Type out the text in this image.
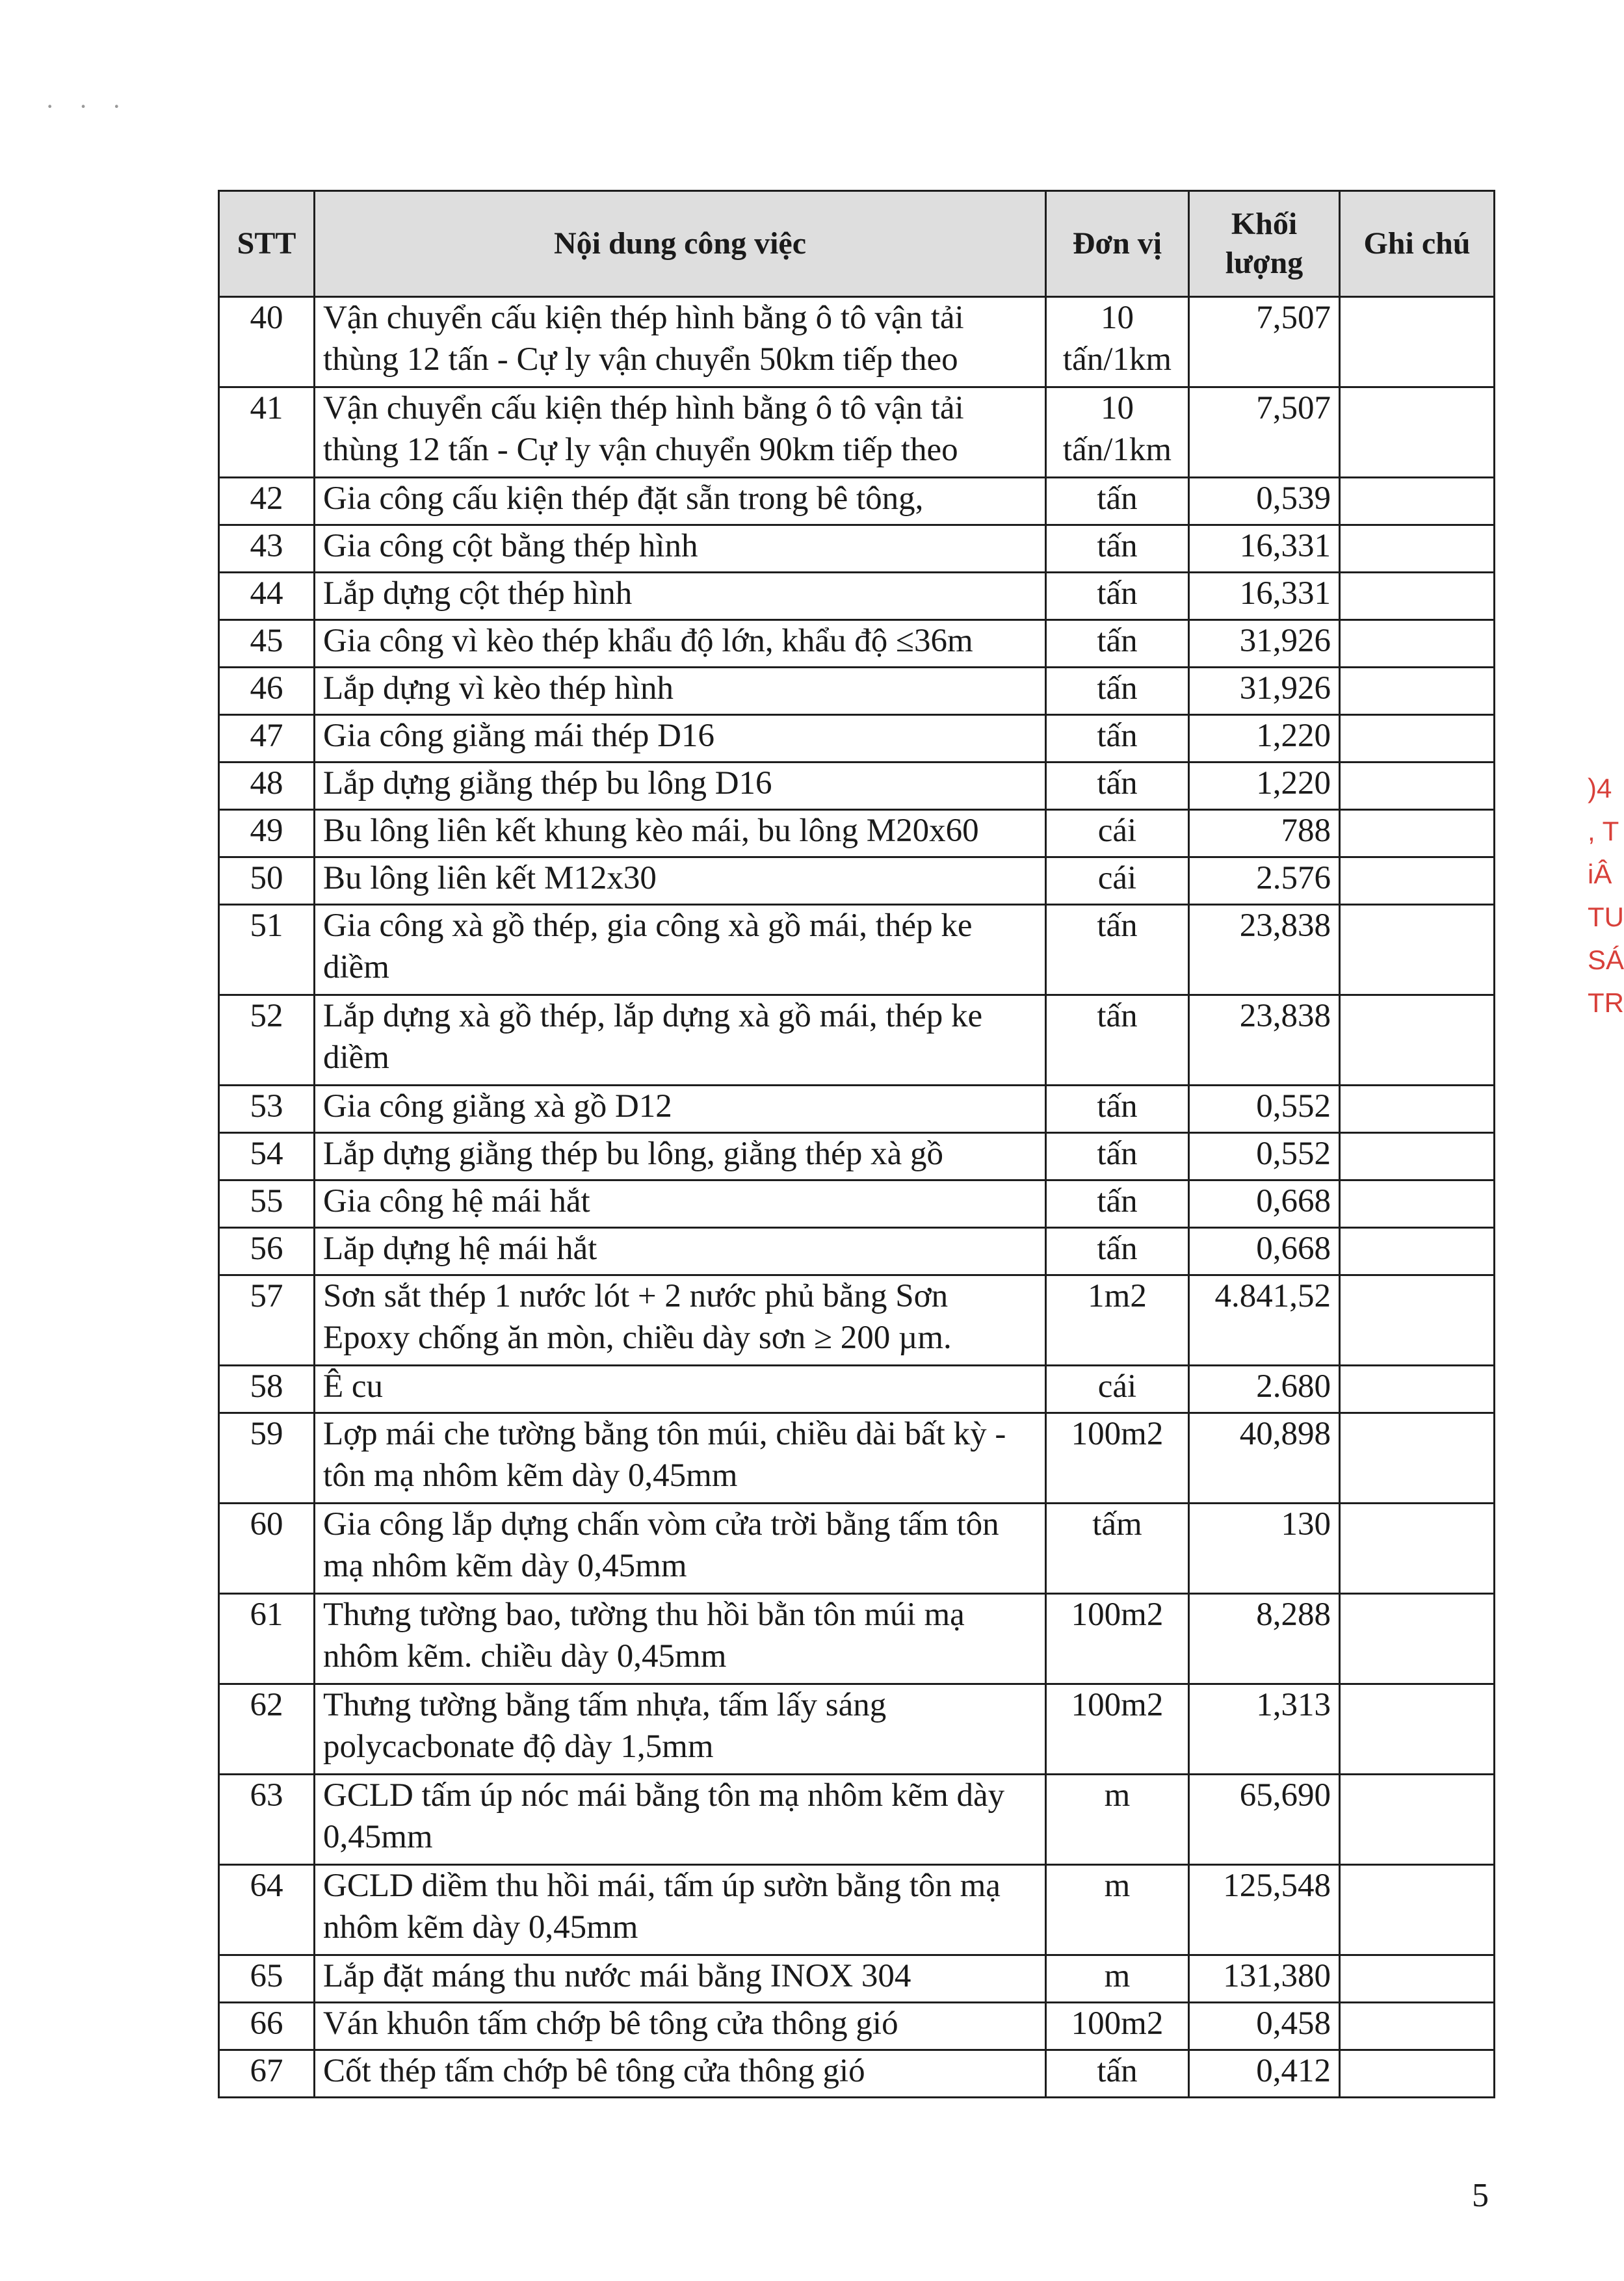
· · ·
STT	Nội dung công việc	Đơn vị	Khối lượng	Ghi chú
40	Vận chuyển cấu kiện thép hình bằng ô tô vận tải thùng 12 tấn - Cự ly vận chuyển 50km tiếp theo	10 tấn/1km	7,507	
41	Vận chuyển cấu kiện thép hình bằng ô tô vận tải thùng 12 tấn - Cự ly vận chuyển 90km tiếp theo	10 tấn/1km	7,507	
42	Gia công cấu kiện thép đặt sẵn trong bê tông,	tấn	0,539	
43	Gia công cột bằng thép hình	tấn	16,331	
44	Lắp dựng cột thép hình	tấn	16,331	
45	Gia công vì kèo thép khẩu độ lớn, khẩu độ ≤36m	tấn	31,926	
46	Lắp dựng vì kèo thép hình	tấn	31,926	
47	Gia công giằng mái thép D16	tấn	1,220	
48	Lắp dựng giằng thép bu lông D16	tấn	1,220	
49	Bu lông liên kết khung kèo mái, bu lông M20x60	cái	788	
50	Bu lông liên kết M12x30	cái	2.576	
51	Gia công xà gồ thép, gia công xà gồ mái, thép ke diềm	tấn	23,838	
52	Lắp dựng xà gồ thép, lắp dựng xà gồ mái, thép ke diềm	tấn	23,838	
53	Gia công giằng xà gồ D12	tấn	0,552	
54	Lắp dựng giằng thép bu lông, giằng thép xà gồ	tấn	0,552	
55	Gia công hệ mái hắt	tấn	0,668	
56	Lăp dựng hệ mái hắt	tấn	0,668	
57	Sơn sắt thép 1 nước lót + 2 nước phủ bằng Sơn Epoxy chống ăn mòn, chiều dày sơn ≥ 200 µm.	1m2	4.841,52	
58	Ê cu	cái	2.680	
59	Lợp mái che tường bằng tôn múi, chiều dài bất kỳ - tôn mạ nhôm kẽm dày 0,45mm	100m2	40,898	
60	Gia công lắp dựng chấn vòm cửa trời bằng tấm tôn mạ nhôm kẽm dày 0,45mm	tấm	130	
61	Thưng tường bao, tường thu hồi bằn tôn múi mạ nhôm kẽm. chiều dày 0,45mm	100m2	8,288	
62	Thưng tường bằng tấm nhựa, tấm lấy sáng polycacbonate độ dày 1,5mm	100m2	1,313	
63	GCLD tấm úp nóc mái bằng tôn mạ nhôm kẽm dày 0,45mm	m	65,690	
64	GCLD diềm thu hồi mái, tấm úp sườn bằng tôn mạ nhôm kẽm dày 0,45mm	m	125,548	
65	Lắp đặt máng thu nước mái bằng INOX 304	m	131,380	
66	Ván khuôn tấm chớp bê tông cửa thông gió	100m2	0,458	
67	Cốt thép tấm chớp bê tông cửa thông gió	tấn	0,412	
5
)4
, T
iÂ
TU
SÁ
TR
